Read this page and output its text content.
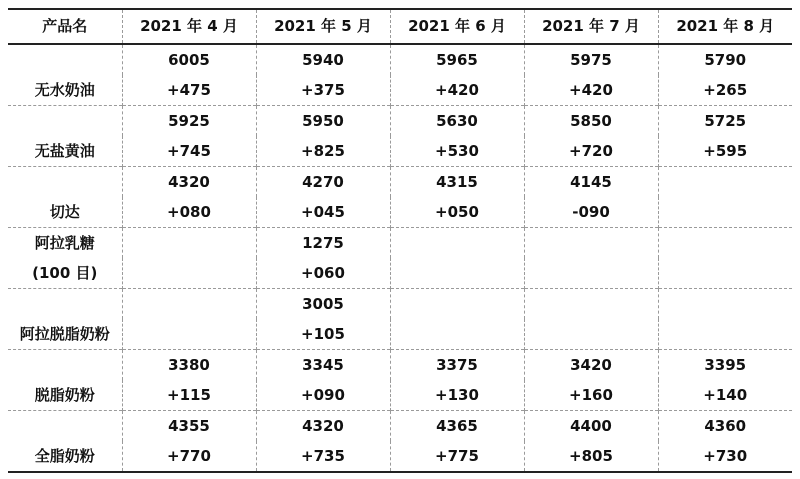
产品名	2021 年 4 月	2021 年 5 月	2021 年 6 月	2021 年 7 月	2021 年 8 月
无水奶油	6005	5940	5965	5975	5790
	+475	+375	+420	+420	+265
无盐黄油	5925	5950	5630	5850	5725
	+745	+825	+530	+720	+595
切达	4320	4270	4315	4145	
	+080	+045	+050	-090	
阿拉乳糖		1275			
(100 目)		+060			
阿拉脱脂奶粉		3005			
		+105			
脱脂奶粉	3380	3345	3375	3420	3395
	+115	+090	+130	+160	+140
全脂奶粉	4355	4320	4365	4400	4360
	+770	+735	+775	+805	+730
